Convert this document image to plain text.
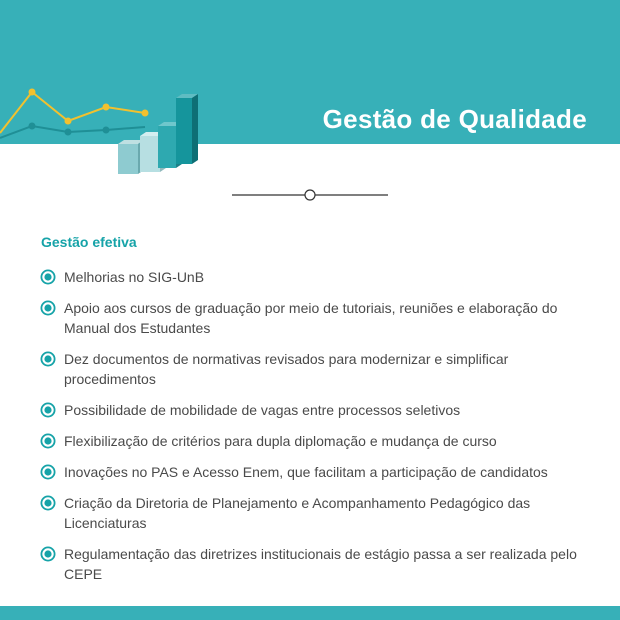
Gestão de Qualidade
Gestão efetiva
Melhorias no SIG-UnB
Apoio aos cursos de graduação por meio de tutoriais, reuniões e elaboração do Manual dos Estudantes
Dez documentos de normativas revisados para modernizar e simplificar procedimentos
Possibilidade de mobilidade de vagas entre processos seletivos
Flexibilização de critérios para dupla diplomação e mudança de curso
Inovações no PAS e Acesso Enem, que facilitam a participação de candidatos
Criação da Diretoria de Planejamento e Acompanhamento Pedagógico das Licenciaturas
Regulamentação das diretrizes institucionais de estágio passa a ser realizada pelo CEPE
